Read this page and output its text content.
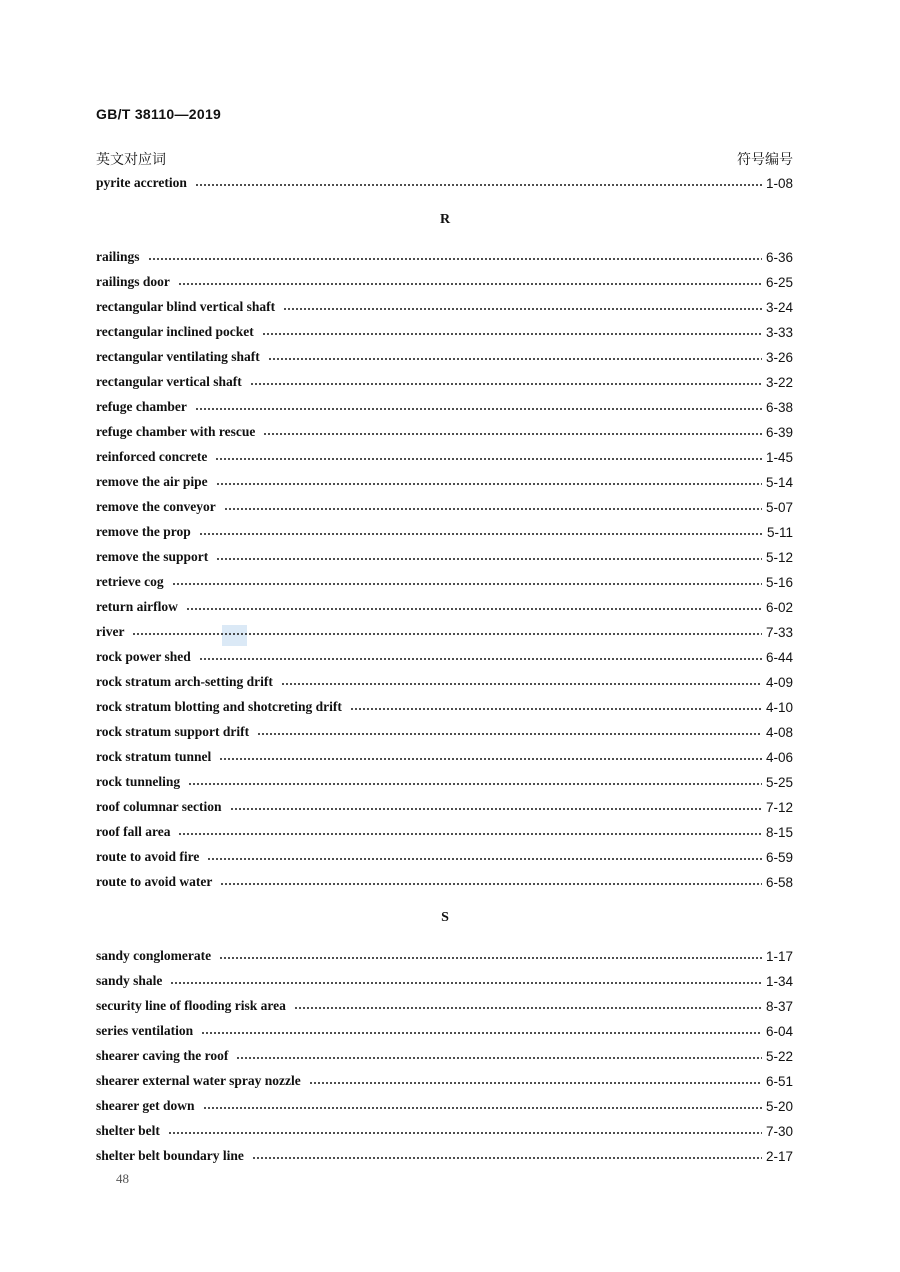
GB/T 38110—2019
英文对应词	符号编号
pyrite accretion	1-08
R
railings	6-36
railings door	6-25
rectangular blind vertical shaft	3-24
rectangular inclined pocket	3-33
rectangular ventilating shaft	3-26
rectangular vertical shaft	3-22
refuge chamber	6-38
refuge chamber with rescue	6-39
reinforced concrete	1-45
remove the air pipe	5-14
remove the conveyor	5-07
remove the prop	5-11
remove the support	5-12
retrieve cog	5-16
return airflow	6-02
river	7-33
rock power shed	6-44
rock stratum arch-setting drift	4-09
rock stratum blotting and shotcreting drift	4-10
rock stratum support drift	4-08
rock stratum tunnel	4-06
rock tunneling	5-25
roof columnar section	7-12
roof fall area	8-15
route to avoid fire	6-59
route to avoid water	6-58
S
sandy conglomerate	1-17
sandy shale	1-34
security line of flooding risk area	8-37
series ventilation	6-04
shearer caving the roof	5-22
shearer external water spray nozzle	6-51
shearer get down	5-20
shelter belt	7-30
shelter belt boundary line	2-17
48
